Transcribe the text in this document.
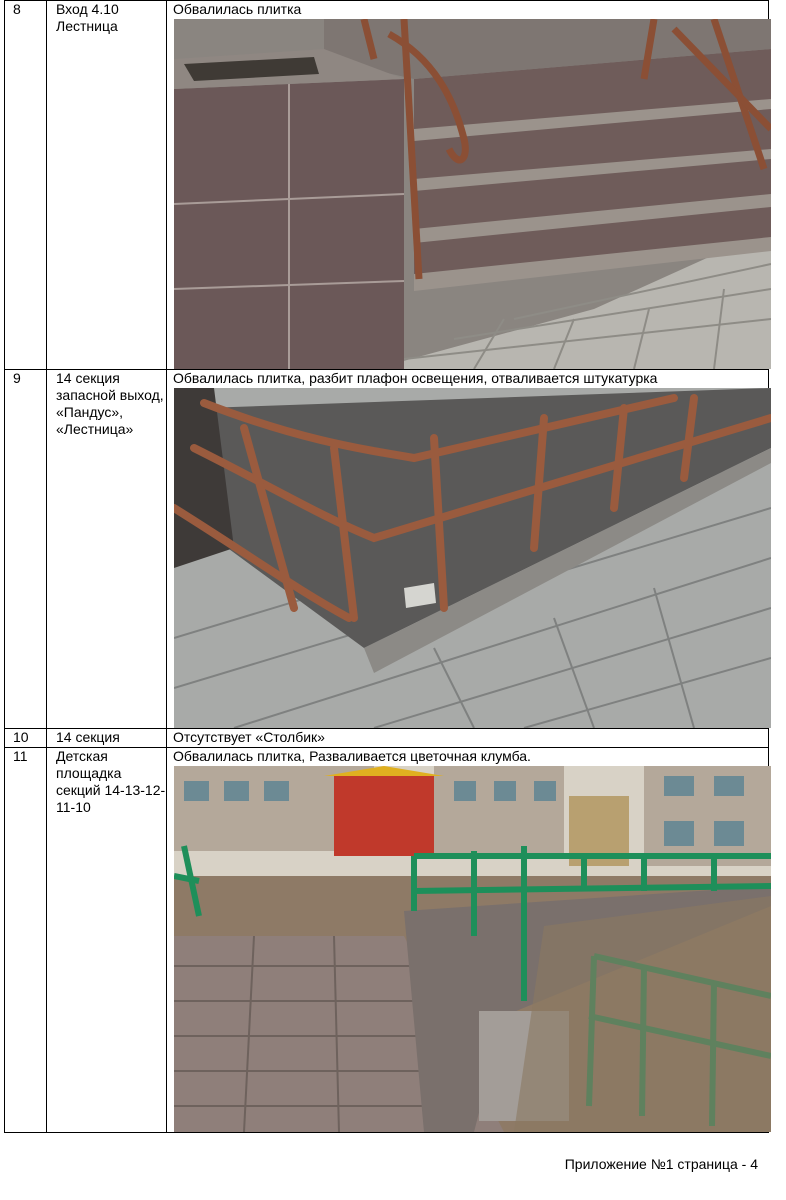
8	Вход 4.10 Лестница	Обвалилась плитка

9	14 секция запасной выход, «Пандус», «Лестница»	Обвалилась плитка, разбит плафон освещения, отваливается штукатурка

10	14 секция	Отсутствует «Столбик»

11	Детская площадка секций 14-13-12-11-10	Обвалилась плитка, Разваливается цветочная клумба.
Приложение №1 страница - 4
